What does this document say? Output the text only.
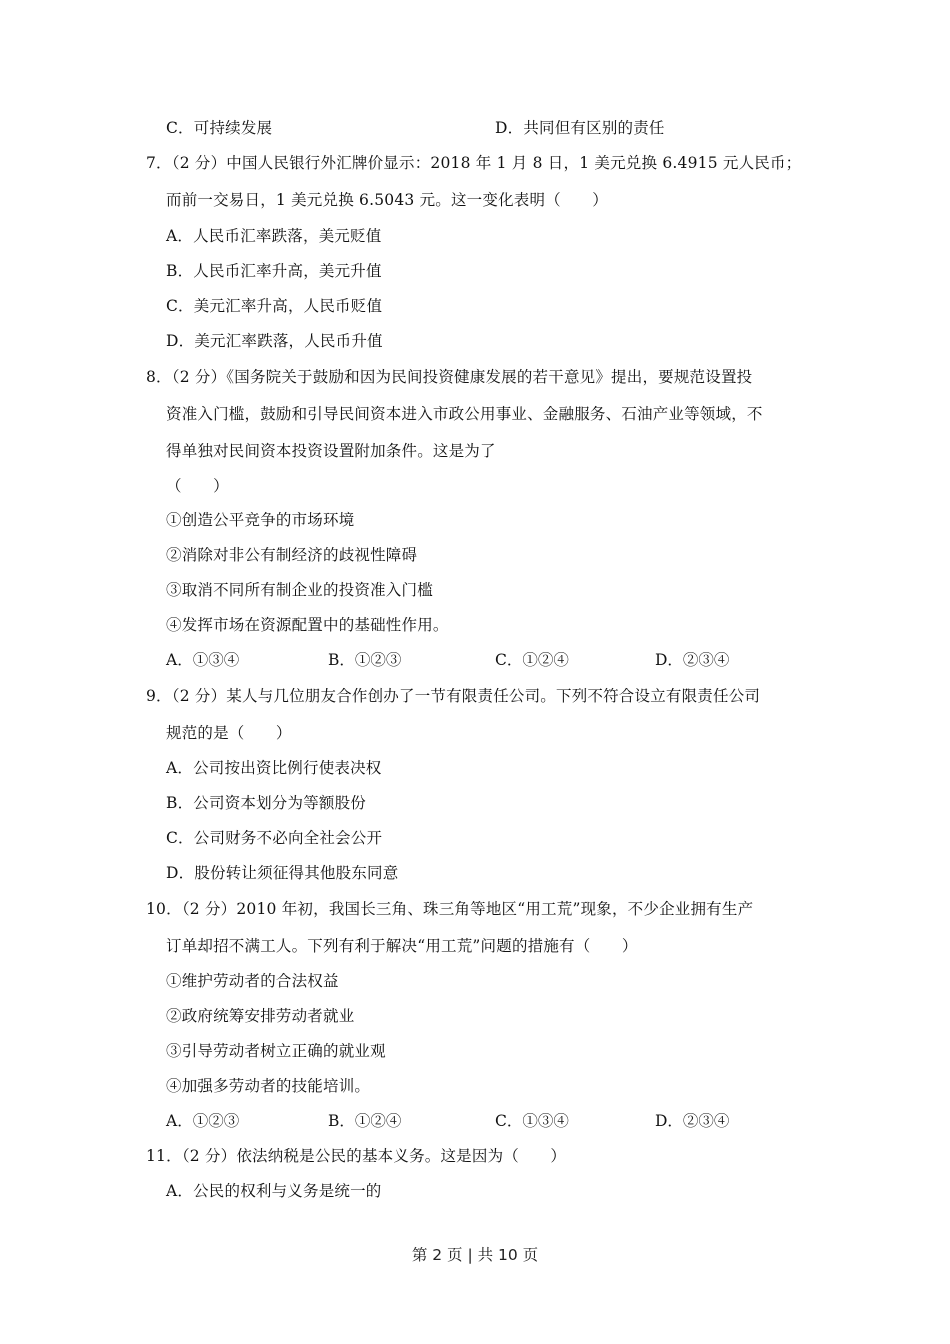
C．可持续发展	D．共同但有区别的责任
7．（2 分）中国人民银行外汇牌价显示：2018 年 1 月 8 日，1 美元兑换 6.4915 元人民币；
而前一交易日，1 美元兑换 6.5043 元。这一变化表明（　　）
A．人民币汇率跌落，美元贬值
B．人民币汇率升高，美元升值
C．美元汇率升高，人民币贬值
D．美元汇率跌落，人民币升值
8．（2 分）《国务院关于鼓励和因为民间投资健康发展的若干意见》提出，要规范设置投
资准入门槛，鼓励和引导民间资本进入市政公用事业、金融服务、石油产业等领域，不
得单独对民间资本投资设置附加条件。这是为了
（　　）
①创造公平竞争的市场环境
②消除对非公有制经济的歧视性障碍
③取消不同所有制企业的投资准入门槛
④发挥市场在资源配置中的基础性作用。
A．①③④	B．①②③	C．①②④	D．②③④
9．（2 分）某人与几位朋友合作创办了一节有限责任公司。下列不符合设立有限责任公司
规范的是（　　）
A．公司按出资比例行使表决权
B．公司资本划分为等额股份
C．公司财务不必向全社会公开
D．股份转让须征得其他股东同意
10．（2 分）2010 年初，我国长三角、珠三角等地区“用工荒”现象，不少企业拥有生产
订单却招不满工人。下列有利于解决“用工荒”问题的措施有（　　）
①维护劳动者的合法权益
②政府统筹安排劳动者就业
③引导劳动者树立正确的就业观
④加强多劳动者的技能培训。
A．①②③	B．①②④	C．①③④	D．②③④
11．（2 分）依法纳税是公民的基本义务。这是因为（　　）
A．公民的权利与义务是统一的
第 2 页 | 共 10 页
